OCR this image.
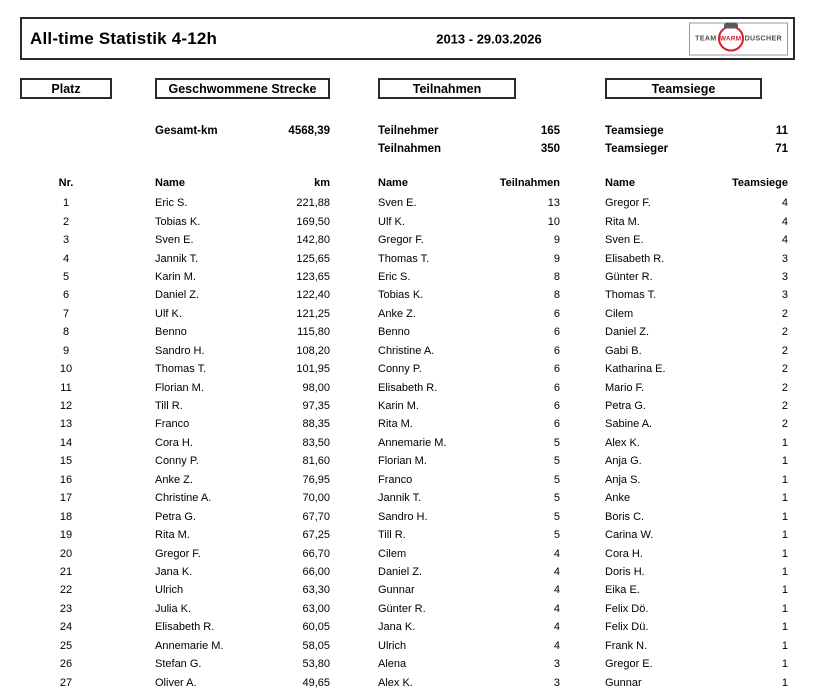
All-time Statistik 4-12h	2013 - 29.03.2026	TEAM WARM DUSCHER
Platz	Geschwommene Strecke	Teilnahmen	Teamsiege
Gesamt-km	4568,39	Teilnehmer	165	Teamsiege	11
Teilnahmen	350	Teamsieger	71
Nr.	Name	km	Name	Teilnahmen	Name	Teamsiege
1	Eric S.	221,88	Sven E.	13	Gregor F.	4
2	Tobias K.	169,50	Ulf K.	10	Rita M.	4
3	Sven E.	142,80	Gregor F.	9	Sven E.	4
4	Jannik T.	125,65	Thomas T.	9	Elisabeth R.	3
5	Karin M.	123,65	Eric S.	8	Günter R.	3
6	Daniel Z.	122,40	Tobias K.	8	Thomas T.	3
7	Ulf K.	121,25	Anke Z.	6	Cilem	2
8	Benno	115,80	Benno	6	Daniel Z.	2
9	Sandro H.	108,20	Christine A.	6	Gabi B.	2
10	Thomas T.	101,95	Conny P.	6	Katharina E.	2
11	Florian M.	98,00	Elisabeth R.	6	Mario F.	2
12	Till R.	97,35	Karin M.	6	Petra G.	2
13	Franco	88,35	Rita M.	6	Sabine A.	2
14	Cora H.	83,50	Annemarie M.	5	Alex K.	1
15	Conny P.	81,60	Florian M.	5	Anja G.	1
16	Anke Z.	76,95	Franco	5	Anja S.	1
17	Christine A.	70,00	Jannik T.	5	Anke	1
18	Petra G.	67,70	Sandro H.	5	Boris C.	1
19	Rita M.	67,25	Till R.	5	Carina W.	1
20	Gregor F.	66,70	Cilem	4	Cora H.	1
21	Jana K.	66,00	Daniel Z.	4	Doris H.	1
22	Ulrich	63,30	Gunnar	4	Eika E.	1
23	Julia K.	63,00	Günter R.	4	Felix Dö.	1
24	Elisabeth R.	60,05	Jana K.	4	Felix Dü.	1
25	Annemarie M.	58,05	Ulrich	4	Frank N.	1
26	Stefan G.	53,80	Alena	3	Gregor E.	1
27	Oliver A.	49,65	Alex K.	3	Gunnar	1
